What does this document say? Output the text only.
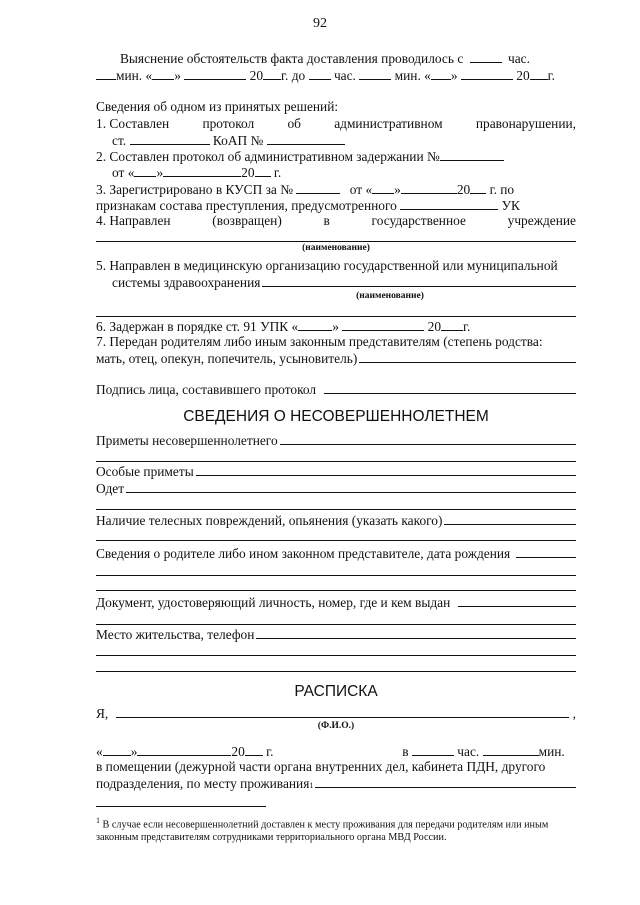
92
Выяснение обстоятельств факта доставления проводилось с	час.
мин. « »	20 г. до час.	мин. « »	20 г.
Сведения об одном из принятых решений:
1. Составлен протокол об административном правонарушении,
ст.	КоАП №
2. Составлен протокол об административном задержании №
от « »	20 г.
3. Зарегистрировано в КУСП за №	от « »	20 г. по
признакам состава преступления, предусмотренного	УК
4. Направлен	(возвращен)	в	государственное	учреждение
(наименование)
5. Направлен в медицинскую организацию государственной или муниципальной
системы здравоохранения
(наименование)
6. Задержан в порядке ст. 91 УПК «	»	20 г.
7. Передан родителям либо иным законным представителям (степень родства:
мать, отец, опекун, попечитель, усыновитель)
Подпись лица, составившего протокол
СВЕДЕНИЯ О НЕСОВЕРШЕННОЛЕТНЕМ
Приметы несовершеннолетнего
Особые приметы
Одет
Наличие телесных повреждений, опьянения (указать какого)
Сведения о родителе либо ином законном представителе, дата рождения
Документ, удостоверяющий личность, номер, где и кем выдан
Место жительства, телефон
РАСПИСКА
Я,	,
(Ф.И.О.)
« »	20 г.	в	час.	мин.
в помещении (дежурной части органа внутренних дел, кабинета ПДН, другого
подразделения, по месту проживания 1
$^1$ В случае если несовершеннолетний доставлен к месту проживания для передачи родителям или иным
законным представителям сотрудниками территориального органа МВД России.
